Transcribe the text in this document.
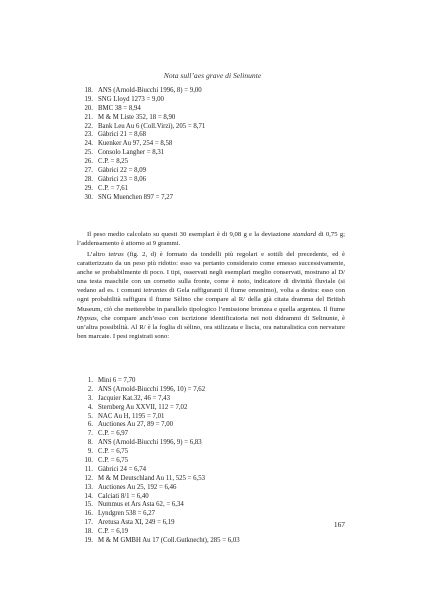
Nota sull’aes grave di Selinunte
18. ANS (Arnold-Biucchi 1996, 8) = 9,00
19. SNG Lloyd 1273 = 9,00
20. BMC 38 = 8,94
21. M & M Liste 352, 18 = 8,90
22. Bank Leu Au 6 (Coll.Virzì), 205 = 8,71
23. Gàbrici 21 = 8,68
24. Kuenker Au 97, 254 = 8,58
25. Consolo Langher = 8,31
26. C.P. = 8,25
27. Gàbrici 22 = 8,09
28. Gàbrici 23 = 8,06
29. C.P. = 7,61
30. SNG Muenchen 897 = 7,27

Il peso medio calcolato su questi 30 esemplari è di 9,08 g e la deviazione standard di 0,75 g; l’addensamento è attorno ai 9 grammi.

L’altro tetras (fig. 2, d) è formato da tondelli più regolari e sottili del precedente, ed è caratterizzato da un peso più ridotto: esso va pertanto considerato come emesso successivamente, anche se probabilmente di poco. I tipi, osservati negli esemplari meglio conservati, mostrano al D/ una testa maschile con un cornetto sulla fronte, come è noto, indicatore di divinità fluviale (si vedano ad es. i comuni tetrantes di Gela raffiguranti il fiume omonimo), volta a destra: esso con ogni probabilità raffigura il fiume Sèlino che compare al R/ della già citata dramma del British Museum, ciò che metterebbe in parallelo tipologico l’emissione bronzea e quella argentea. Il fiume Hypsas, che compare anch’esso con iscrizione identificatoria nei noti didrammi di Selinunte, è un’altra possibilità. Al R/ è la foglia di sèlino, ora stilizzata e liscia, ora naturalistica con nervature ben marcate. I pesi registrati sono:

1. Mini 6 = 7,70
2. ANS (Arnold-Biucchi 1996, 10) = 7,62
3. Jacquier Kat.32, 46 = 7,43
4. Sternberg Au XXVII, 112 = 7,02
5. NAC Au H, 1195 = 7,01
6. Auctiones Au 27, 89 = 7,00
7. C.P. = 6,97
8. ANS (Arnold-Biucchi 1996, 9) = 6,83
9. C.P. = 6,75
10. C.P. = 6,75
11. Gàbrici 24 = 6,74
12. M & M Deutschland Au 11, 525 = 6,53
13. Auctiones Au 25, 192 = 6,46
14. Calciati 8/1 = 6,40
15. Nummus et Ars Asta 62, = 6,34
16. Lyndgren 538 = 6,27
17. Aretusa Asta XI, 249 = 6,19
18. C.P. = 6,19
19. M & M GMBH Au 17 (Coll.Gutknecht), 285 = 6,03
167
